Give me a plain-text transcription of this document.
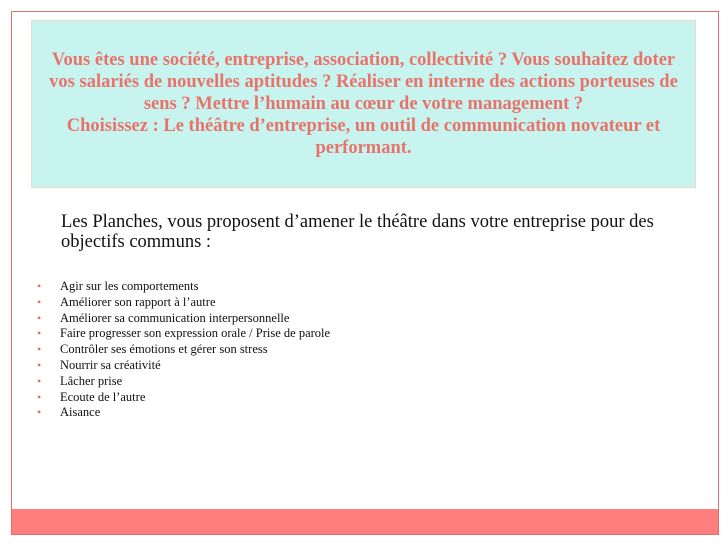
Vous êtes une société, entreprise, association, collectivité ? Vous souhaitez doter vos salariés de nouvelles aptitudes ? Réaliser en interne des actions porteuses de sens ? Mettre l’humain au cœur de votre management ?

Choisissez : Le théâtre d’entreprise, un outil de communication novateur et performant.

Les Planches, vous proposent d’amener le théâtre dans votre entreprise pour des objectifs communs :
• Agir sur les comportements
• Améliorer son rapport à l’autre
• Améliorer sa communication interpersonnelle
• Faire progresser son expression orale / Prise de parole
• Contrôler ses émotions et gérer son stress
• Nourrir sa créativité
• Lâcher prise
• Ecoute de l’autre
• Aisance
